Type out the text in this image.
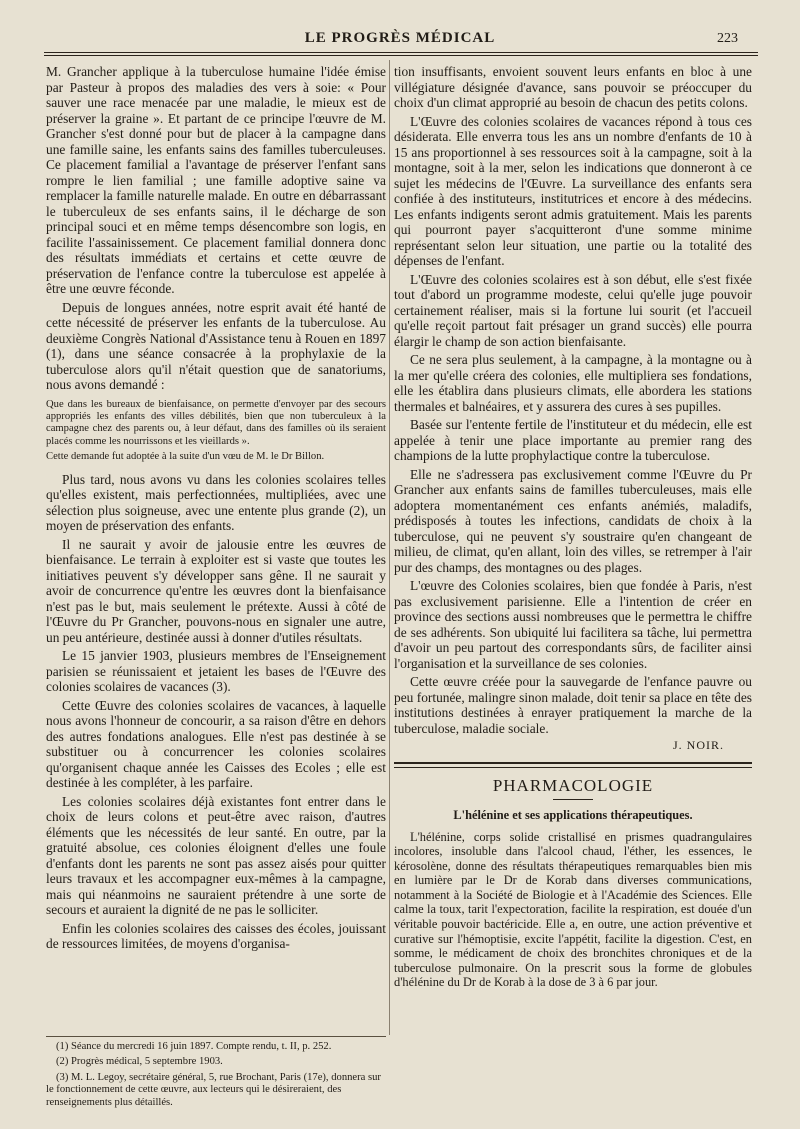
LE PROGRÈS MÉDICAL	223

M. Grancher applique à la tuberculose humaine l'idée émise par Pasteur à propos des maladies des vers à soie: « Pour sauver une race menacée par une maladie, le mieux est de préserver la graine ». Et partant de ce principe l'œuvre de M. Grancher s'est donné pour but de placer à la campagne dans une famille saine, les enfants sains des familles tuberculeuses. Ce placement familial a l'avantage de préserver l'enfant sans rompre le lien familial ; une famille adoptive saine va remplacer la famille naturelle malade. En outre en débarrassant le tuberculeux de ses enfants sains, il le décharge de son principal souci et en même temps désencombre son logis, en facilite l'assainissement. Ce placement familial donnera donc des résultats immédiats et certains et cette œuvre de préservation de l'enfance contre la tuberculose est appelée à être une œuvre féconde.

Depuis de longues années, notre esprit avait été hanté de cette nécessité de préserver les enfants de la tuberculose. Au deuxième Congrès National d'Assistance tenu à Rouen en 1897 (1), dans une séance consacrée à la prophylaxie de la tuberculose alors qu'il n'était question que de sanatoriums, nous avons demandé :

Que dans les bureaux de bienfaisance, on permette d'envoyer par des secours appropriés les enfants des villes débilités, bien que non tuberculeux à la campagne chez des parents ou, à leur défaut, dans des familles où ils seraient placés comme les nourrissons et les vieillards ».

Cette demande fut adoptée à la suite d'un vœu de M. le Dr Billon.

Plus tard, nous avons vu dans les colonies scolaires telles qu'elles existent, mais perfectionnées, multipliées, avec une sélection plus soigneuse, avec une entente plus grande (2), un moyen de préservation des enfants.

Il ne saurait y avoir de jalousie entre les œuvres de bienfaisance. Le terrain à exploiter est si vaste que toutes les initiatives peuvent s'y développer sans gêne. Il ne saurait y avoir de concurrence qu'entre les œuvres dont la bienfaisance n'est pas le but, mais seulement le prétexte. Aussi à côté de l'Œuvre du Pr Grancher, pouvons-nous en signaler une autre, un peu antérieure, destinée aussi à donner d'utiles résultats.

Le 15 janvier 1903, plusieurs membres de l'Enseignement parisien se réunissaient et jetaient les bases de l'Œuvre des colonies scolaires de vacances (3).

Cette Œuvre des colonies scolaires de vacances, à laquelle nous avons l'honneur de concourir, a sa raison d'être en dehors des autres fondations analogues. Elle n'est pas destinée à se substituer ou à concurrencer les colonies scolaires qu'organisent chaque année les Caisses des Ecoles ; elle est destinée à les compléter, à les parfaire.

Les colonies scolaires déjà existantes font entrer dans le choix de leurs colons et peut-être avec raison, d'autres éléments que les nécessités de leur santé. En outre, par la gratuité absolue, ces colonies éloignent d'elles une foule d'enfants dont les parents ne sont pas assez aisés pour quitter leurs travaux et les accompagner eux-mêmes à la campagne, mais qui néanmoins ne sauraient prétendre à une sorte de secours et auraient la dignité de ne pas le solliciter.

Enfin les colonies scolaires des caisses des écoles, jouissant de ressources limitées, de moyens d'organisa-

(1) Séance du mercredi 16 juin 1897. Compte rendu, t. II, p. 252.

(2) Progrès médical, 5 septembre 1903.

(3) M. L. Legoy, secrétaire général, 5, rue Brochant, Paris (17e), donnera sur le fonctionnement de cette œuvre, aux lecteurs qui le désireraient, des renseignements plus détaillés.

tion insuffisants, envoient souvent leurs enfants en bloc à une villégiature désignée d'avance, sans pouvoir se préoccuper du choix d'un climat approprié au besoin de chacun des petits colons.

L'Œuvre des colonies scolaires de vacances répond à tous ces désiderata. Elle enverra tous les ans un nombre d'enfants de 10 à 15 ans proportionnel à ses ressources soit à la campagne, soit à la montagne, soit à la mer, selon les indications que donneront à ce sujet les médecins de l'Œuvre. La surveillance des enfants sera confiée à des instituteurs, institutrices et encore à des médecins. Les enfants indigents seront admis gratuitement. Mais les parents qui pourront payer s'acquitteront d'une somme minime représentant selon leur situation, une partie ou la totalité des dépenses de l'enfant.

L'Œuvre des colonies scolaires est à son début, elle s'est fixée tout d'abord un programme modeste, celui qu'elle juge pouvoir certainement réaliser, mais si la fortune lui sourit (et l'accueil qu'elle reçoit partout fait présager un grand succès) elle pourra élargir le champ de son action bienfaisante.

Ce ne sera plus seulement, à la campagne, à la montagne ou à la mer qu'elle créera des colonies, elle multipliera ses fondations, elle les établira dans plusieurs climats, elle abordera les stations thermales et balnéaires, et y assurera des cures à ses pupilles.

Basée sur l'entente fertile de l'instituteur et du médecin, elle est appelée à tenir une place importante au premier rang des champions de la lutte prophylactique contre la tuberculose.

Elle ne s'adressera pas exclusivement comme l'Œuvre du Pr Grancher aux enfants sains de familles tuberculeuses, mais elle adoptera momentanément ces enfants anémiés, maladifs, prédisposés à toutes les infections, candidats de choix à la tuberculose, qui ne peuvent s'y soustraire qu'en changeant de milieu, de climat, qu'en allant, loin des villes, se retremper à l'air pur des champs, des montagnes ou des plages.

L'œuvre des Colonies scolaires, bien que fondée à Paris, n'est pas exclusivement parisienne. Elle a l'intention de créer en province des sections aussi nombreuses que le permettra le chiffre de ses adhérents. Son ubiquité lui facilitera sa tâche, lui permettra d'avoir un peu partout des correspondants sûrs, de faciliter ainsi l'organisation et la surveillance de ses colonies.

Cette œuvre créée pour la sauvegarde de l'enfance pauvre ou peu fortunée, malingre sinon malade, doit tenir sa place en tête des institutions destinées à enrayer pratiquement la marche de la tuberculose, maladie sociale.

J. NOIR.
PHARMACOLOGIE
L'hélénine et ses applications thérapeutiques.

L'hélénine, corps solide cristallisé en prismes quadrangulaires incolores, insoluble dans l'alcool chaud, l'éther, les essences, le kérosolène, donne des résultats thérapeutiques remarquables bien mis en lumière par le Dr de Korab dans diverses communications, notamment à la Société de Biologie et à l'Académie des Sciences. Elle calme la toux, tarit l'expectoration, facilite la respiration, est douée d'un véritable pouvoir bactéricide. Elle a, en outre, une action préventive et curative sur l'hémoptisie, excite l'appétit, facilite la digestion. C'est, en somme, le médicament de choix des bronchites chroniques et de la tuberculose pulmonaire. On la prescrit sous la forme de globules d'hélénine du Dr de Korab à la dose de 3 à 6 par jour.
